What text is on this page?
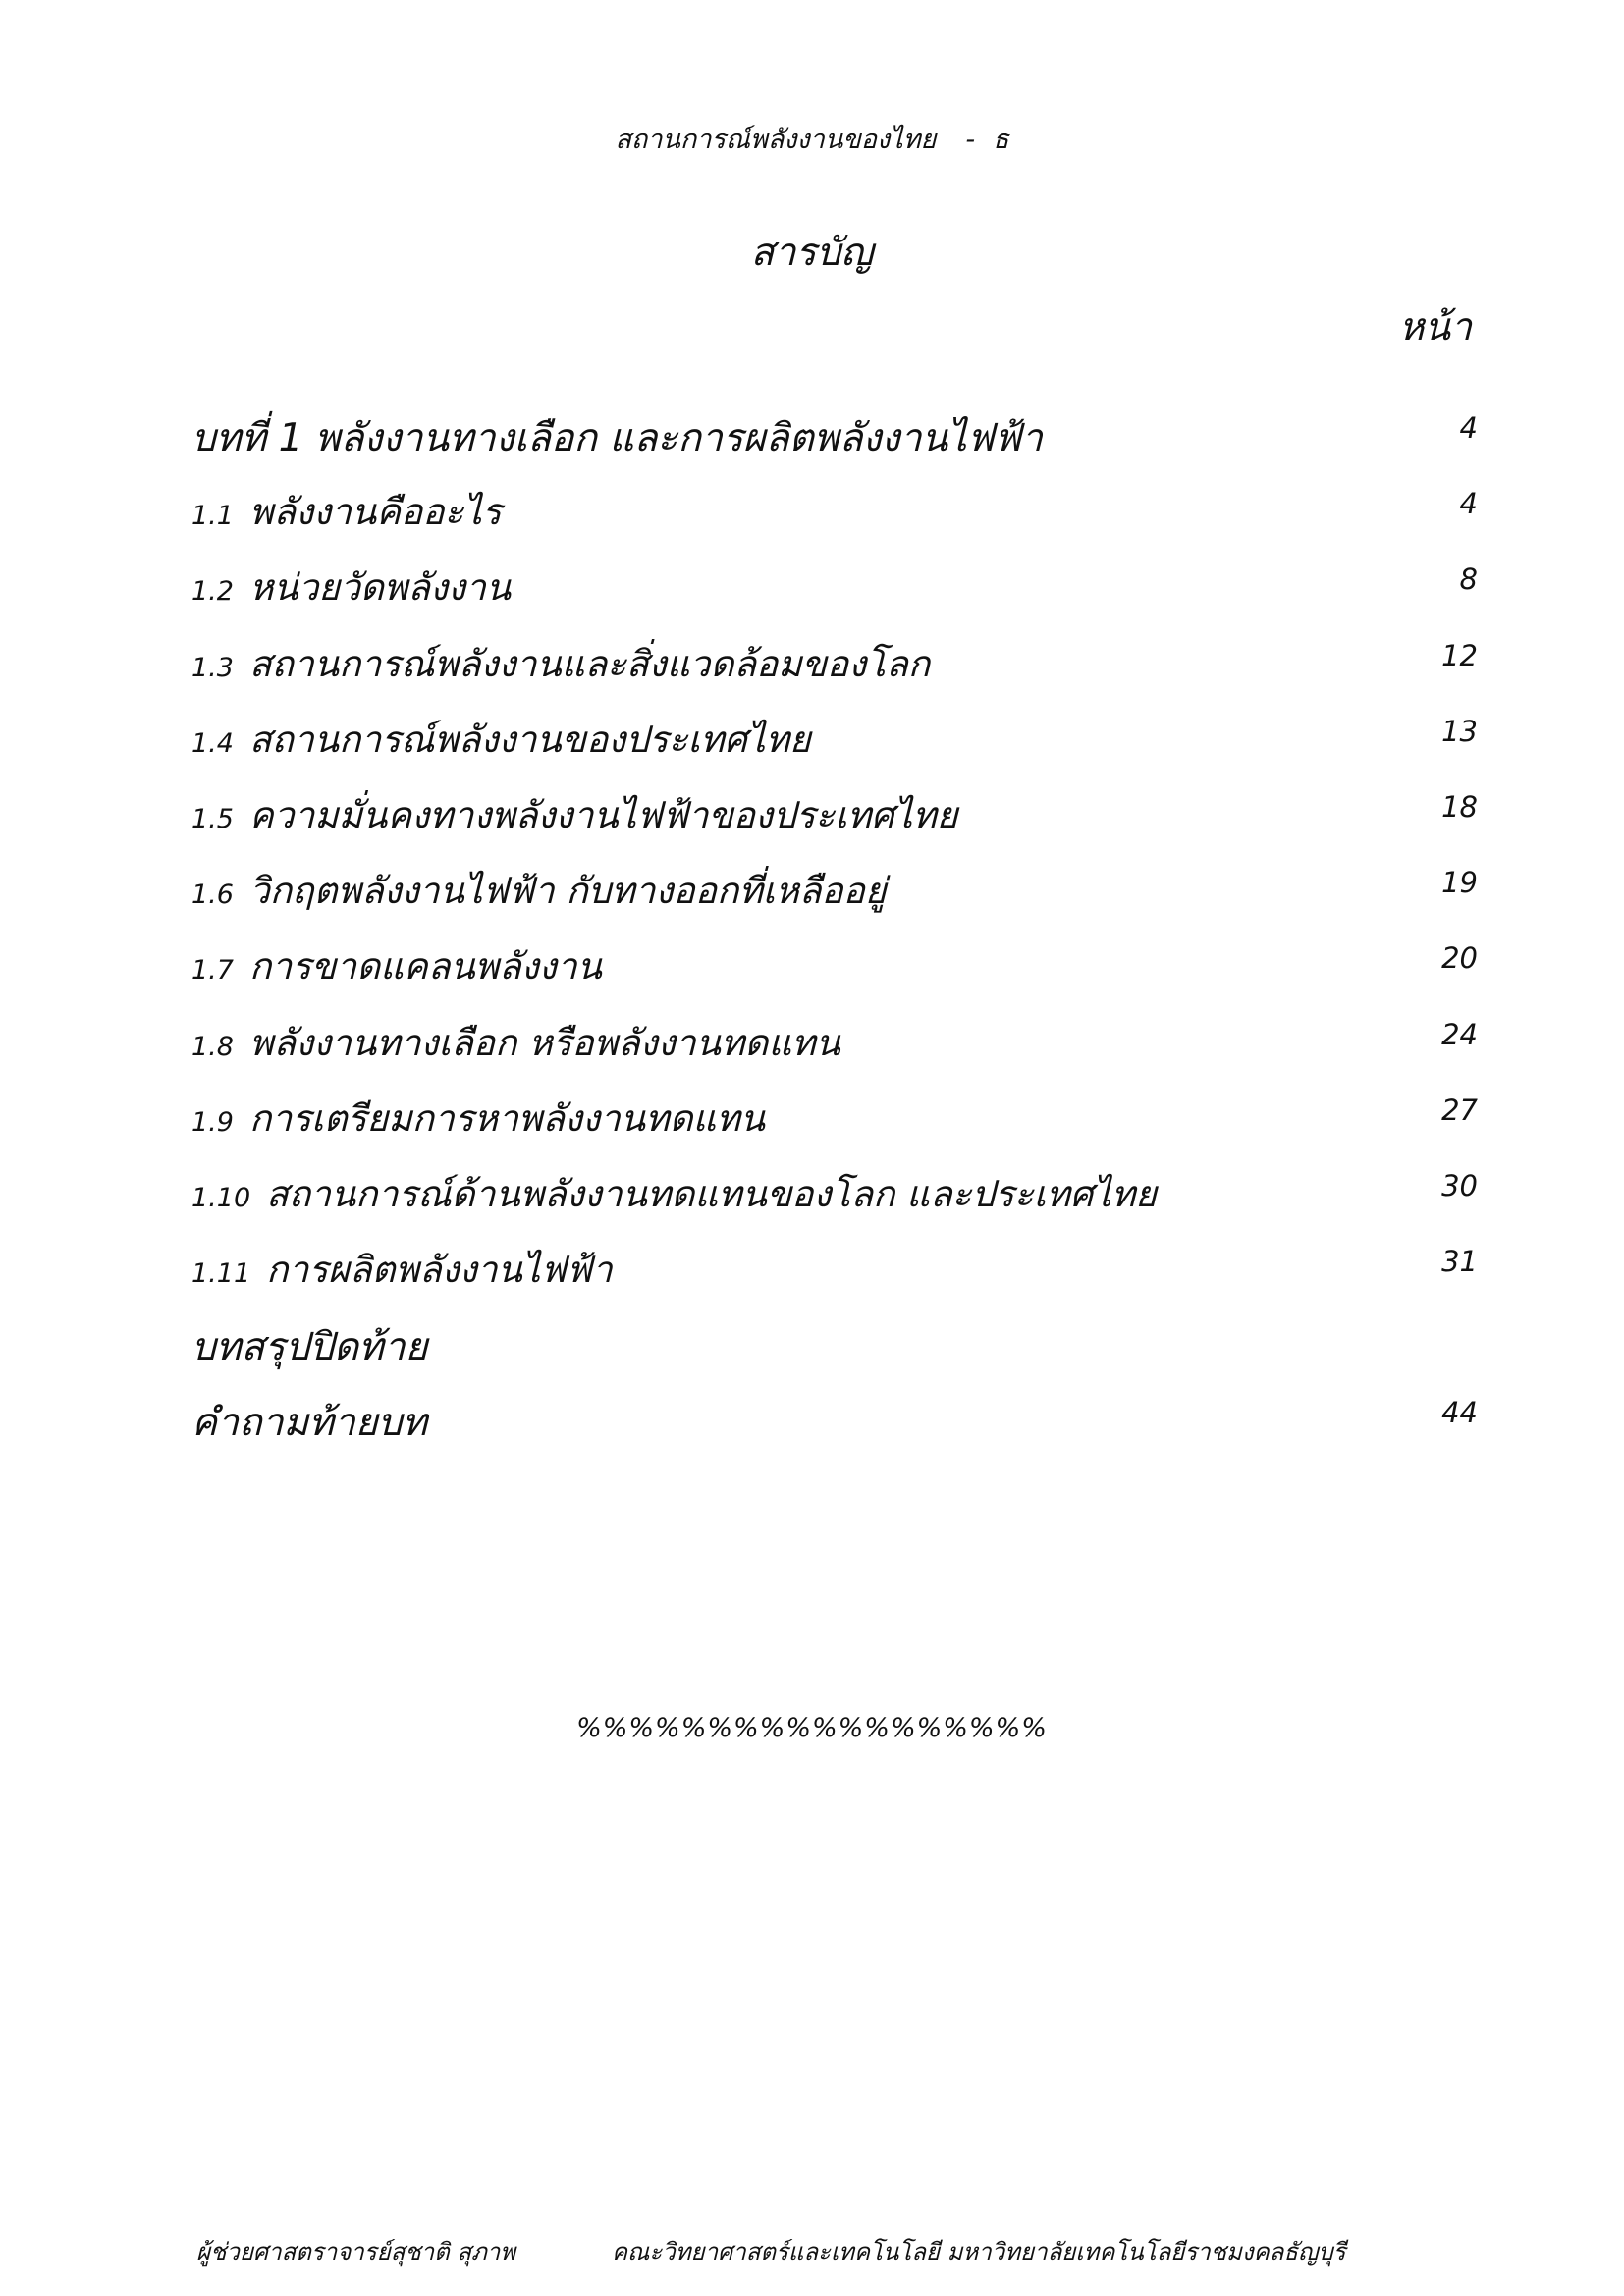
สถานการณ์พลังงานของไทย - ธ
สารบัญ
หน้า
บทที่ 1 พลังงานทางเลือก และการผลิตพลังงานไฟฟ้า	4
1.1 พลังงานคืออะไร	4
1.2 หน่วยวัดพลังงาน	8
1.3 สถานการณ์พลังงานและสิ่งแวดล้อมของโลก	12
1.4 สถานการณ์พลังงานของประเทศไทย	13
1.5 ความมั่นคงทางพลังงานไฟฟ้าของประเทศไทย	18
1.6 วิกฤตพลังงานไฟฟ้า กับทางออกที่เหลืออยู่	19
1.7 การขาดแคลนพลังงาน	20
1.8 พลังงานทางเลือก หรือพลังงานทดแทน	24
1.9 การเตรียมการหาพลังงานทดแทน	27
1.10 สถานการณ์ด้านพลังงานทดแทนของโลก และประเทศไทย	30
1.11 การผลิตพลังงานไฟฟ้า	31
บทสรุปปิดท้าย
คำถามท้ายบท	44
%%%%%%%%%%%%%%%%%%
ผู้ช่วยศาสตราจารย์สุชาติ สุภาพ	คณะวิทยาศาสตร์และเทคโนโลยี มหาวิทยาลัยเทคโนโลยีราชมงคลธัญบุรี
